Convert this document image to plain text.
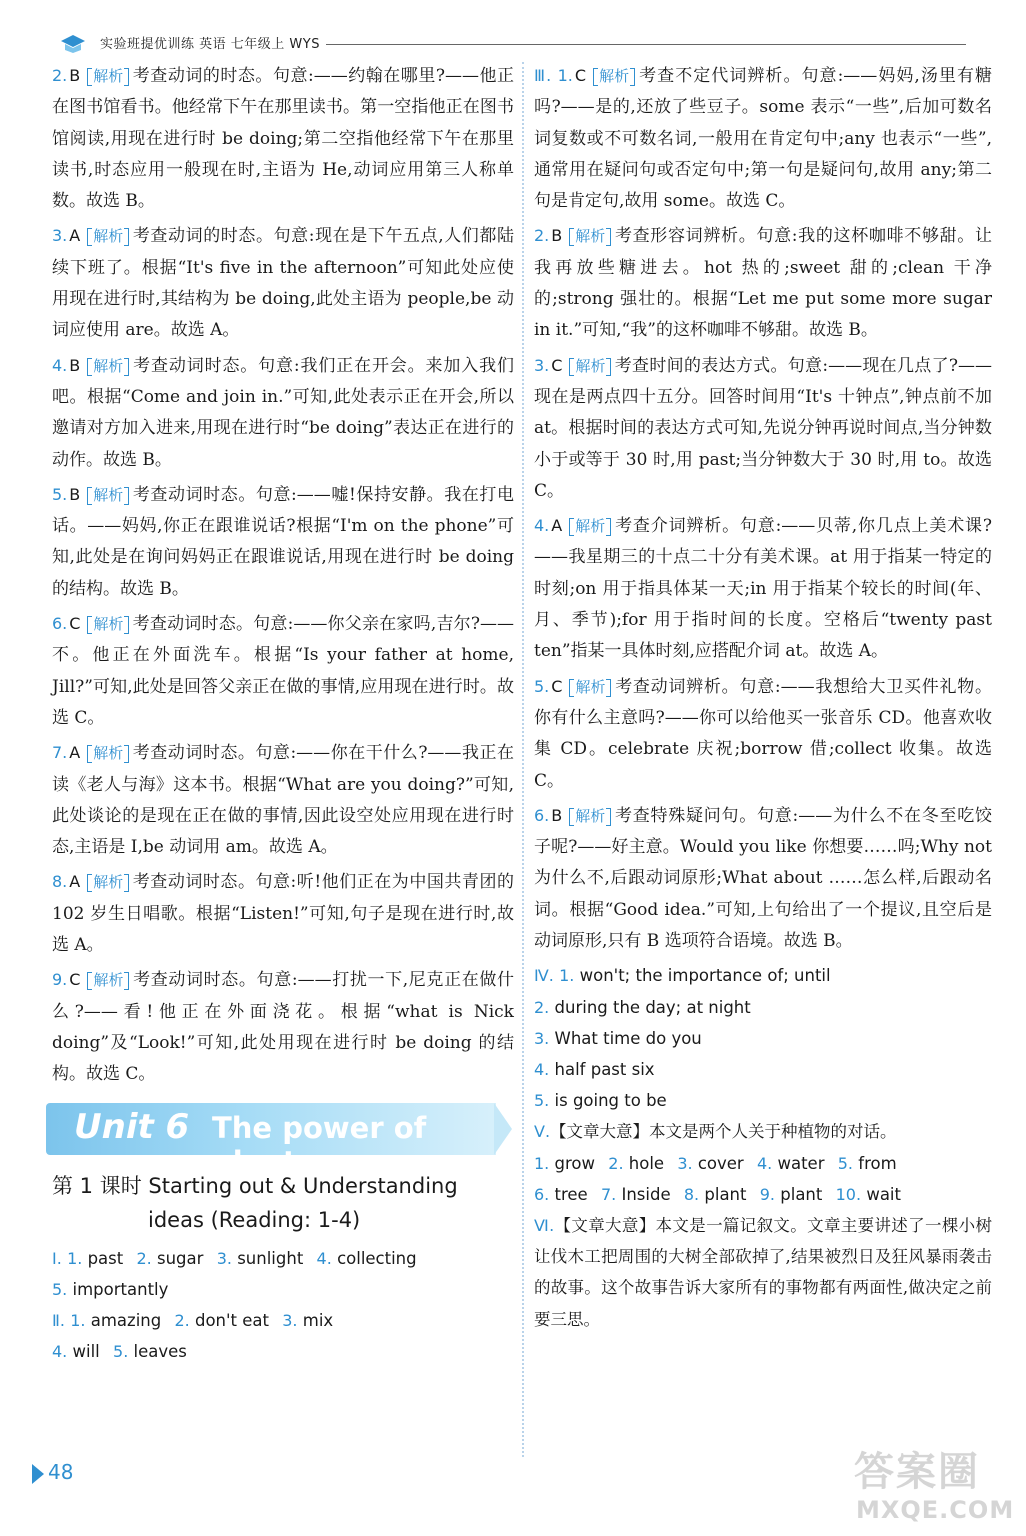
实验班提优训练 英语 七年级上 WYS
2. B 解析 考查动词的时态。句意:——约翰在哪里?——他正在图书馆看书。他经常下午在那里读书。第一空指他正在图书馆阅读,用现在进行时 be doing;第二空指他经常下午在那里读书,时态应用一般现在时,主语为 He,动词应用第三人称单数。故选 B。
3. A 解析 考查动词的时态。句意:现在是下午五点,人们都陆续下班了。根据“It's five in the afternoon”可知此处应使用现在进行时,其结构为 be doing,此处主语为 people,be 动词应使用 are。故选 A。
4. B 解析 考查动词时态。句意:我们正在开会。来加入我们吧。根据“Come and join in.”可知,此处表示正在开会,所以邀请对方加入进来,用现在进行时“be doing”表达正在进行的动作。故选 B。
5. B 解析 考查动词时态。句意:——嘘!保持安静。我在打电话。——妈妈,你正在跟谁说话?根据“I'm on the phone”可知,此处是在询问妈妈正在跟谁说话,用现在进行时 be doing 的结构。故选 B。
6. C 解析 考查动词时态。句意:——你父亲在家吗,吉尔?——不。他正在外面洗车。根据“Is your father at home, Jill?”可知,此处是回答父亲正在做的事情,应用现在进行时。故选 C。
7. A 解析 考查动词时态。句意:——你在干什么?——我正在读《老人与海》这本书。根据“What are you doing?”可知,此处谈论的是现在正在做的事情,因此设空处应用现在进行时态,主语是 I,be 动词用 am。故选 A。
8. A 解析 考查动词时态。句意:听!他们正在为中国共青团的 102 岁生日唱歌。根据“Listen!”可知,句子是现在进行时,故选 A。
9. C 解析 考查动词时态。句意:——打扰一下,尼克正在做什么?——看!他正在外面浇花。根据“what is Nick doing”及“Look!”可知,此处用现在进行时 be doing 的结构。故选 C。
Unit 6 The power of plants
第 1 课时 Starting out & Understanding
ideas (Reading: 1-4)
Ⅰ. 1. past 2. sugar 3. sunlight 4. collecting
5. importantly
Ⅱ. 1. amazing 2. don't eat 3. mix
4. will 5. leaves
Ⅲ. 1. C 解析 考查不定代词辨析。句意:——妈妈,汤里有糖吗?——是的,还放了些豆子。some 表示“一些”,后加可数名词复数或不可数名词,一般用在肯定句中;any 也表示“一些”,通常用在疑问句或否定句中;第一句是疑问句,故用 any;第二句是肯定句,故用 some。故选 C。
2. B 解析 考查形容词辨析。句意:我的这杯咖啡不够甜。让我再放些糖进去。hot 热的;sweet 甜的;clean 干净的;strong 强壮的。根据“Let me put some more sugar in it.”可知,“我”的这杯咖啡不够甜。故选 B。
3. C 解析 考查时间的表达方式。句意:——现在几点了?——现在是两点四十五分。回答时间用“It's 十钟点”,钟点前不加 at。根据时间的表达方式可知,先说分钟再说时间点,当分钟数小于或等于 30 时,用 past;当分钟数大于 30 时,用 to。故选 C。
4. A 解析 考查介词辨析。句意:——贝蒂,你几点上美术课?——我星期三的十点二十分有美术课。at 用于指某一特定的时刻;on 用于指具体某一天;in 用于指某个较长的时间(年、月、季节);for 用于指时间的长度。空格后“twenty past ten”指某一具体时刻,应搭配介词 at。故选 A。
5. C 解析 考查动词辨析。句意:——我想给大卫买件礼物。你有什么主意吗?——你可以给他买一张音乐 CD。他喜欢收集 CD。celebrate 庆祝;borrow 借;collect 收集。故选 C。
6. B 解析 考查特殊疑问句。句意:——为什么不在冬至吃饺子呢?——好主意。Would you like 你想要……吗;Why not 为什么不,后跟动词原形;What about ……怎么样,后跟动名词。根据“Good idea.”可知,上句给出了一个提议,且空后是动词原形,只有 B 选项符合语境。故选 B。
Ⅳ. 1. won't; the importance of; until
2. during the day; at night
3. What time do you
4. half past six
5. is going to be
Ⅴ.【文章大意】本文是两个人关于种植物的对话。
1. grow 2. hole 3. cover 4. water 5. from
6. tree 7. Inside 8. plant 9. plant 10. wait
Ⅵ.【文章大意】本文是一篇记叙文。文章主要讲述了一棵小树让伐木工把周围的大树全部砍掉了,结果被烈日及狂风暴雨袭击的故事。这个故事告诉大家所有的事物都有两面性,做决定之前要三思。
48	答案圈
MXQE.COM
